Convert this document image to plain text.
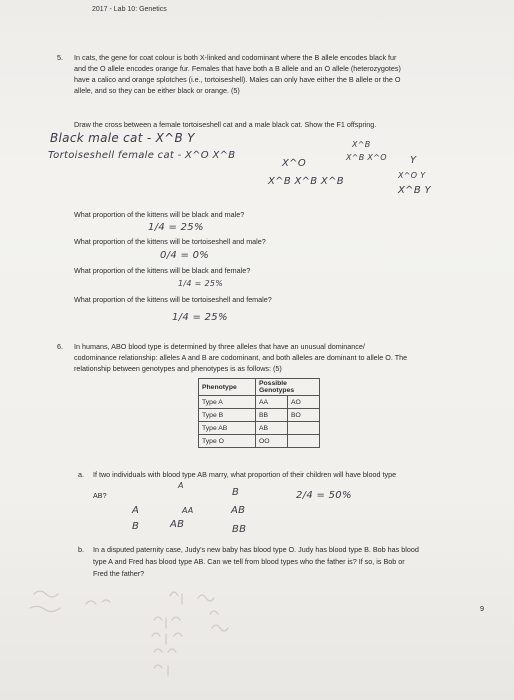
2017 - Lab 10: Genetics
5. In cats, the gene for coat colour is both X-linked and codominant where the B allele encodes black fur
and the O allele encodes orange fur. Females that have both a B allele and an O allele (heterozygotes)
have a calico and orange splotches (i.e., tortoiseshell). Males can only have either the B allele or the O
allele, and so they can be either black or orange. (5)
Draw the cross between a female tortoiseshell cat and a male black cat. Show the F1 offspring.
Black male cat - X^B Y
Tortoiseshell female cat - X^O X^B
X^O
X^B
X^B X^O Y
X^B X^B X^B
X^O Y
X^B Y
What proportion of the kittens will be black and male?
1/4 = 25%
What proportion of the kittens will be tortoiseshell and male?
0/4 = 0%
What proportion of the kittens will be black and female?
1/4 = 25%
What proportion of the kittens will be tortoiseshell and female?
1/4 = 25%
6. In humans, ABO blood type is determined by three alleles that have an unusual dominance/
codominance relationship: alleles A and B are codominant, and both alleles are dominant to allele O. The
relationship between genotypes and phenotypes is as follows: (5)
Phenotype	Possible Genotypes	
Type A	AA	AO
Type B	BB	BO
Type AB	AB	
Type O	OO	
a. If two individuals with blood type AB marry, what proportion of their children will have blood type
AB?
A
B	2/4 = 50%
A	AA	AB
B	AB	BB
b. In a disputed paternity case, Judy's new baby has blood type O. Judy has blood type B. Bob has blood
type A and Fred has blood type AB. Can we tell from blood types who the father is? If so, is Bob or
Fred the father?
9
